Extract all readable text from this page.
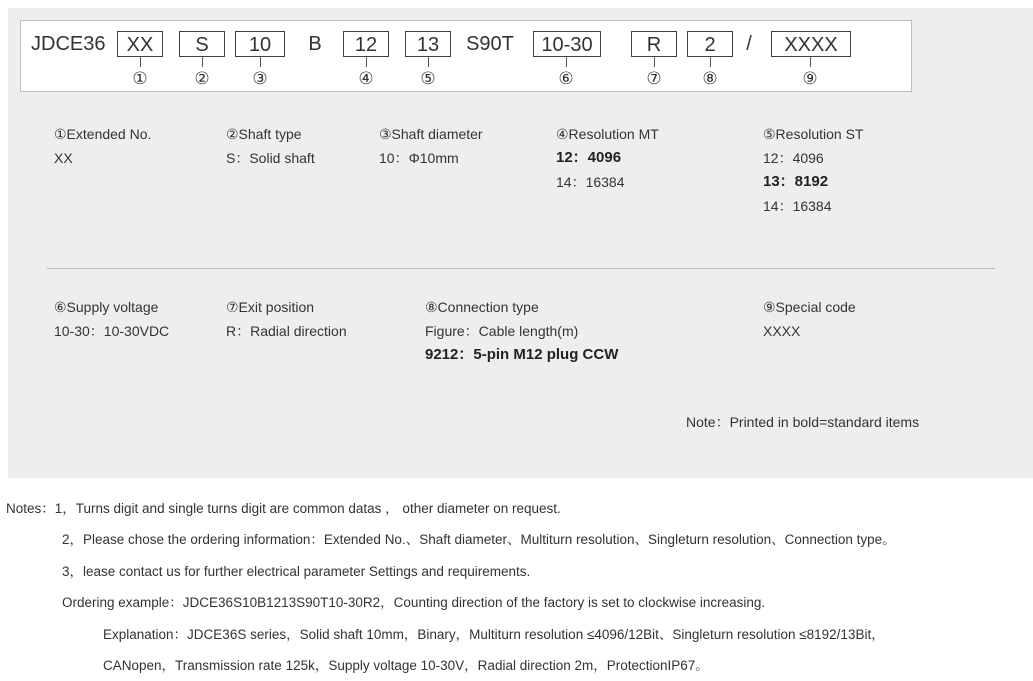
JDCE36	XX
①
S
②
10
③
B	12
④
13
⑤
S90T	10-30
⑥
R
⑦
2
⑧
/	XXXX
⑨
①Extended No.
XX
②Shaft type
S：Solid shaft
③Shaft diameter
10：Φ10mm
④Resolution MT
12：4096
14：16384
⑤Resolution ST
12：4096
13：8192
14：16384
⑥Supply voltage
10-30：10-30VDC
⑦Exit position
R：Radial direction
⑧Connection type
Figure：Cable length(m)
9212：5-pin M12 plug CCW
⑨Special code
XXXX
Note：Printed in bold=standard items
Notes：1，Turns digit and single turns digit are common datas ， other diameter on request.
2，Please chose the ordering information：Extended No.、Shaft diameter、Multiturn resolution、Singleturn resolution、Connection type。
3，lease contact us for further electrical parameter Settings and requirements.
Ordering example：JDCE36S10B1213S90T10-30R2，Counting direction of the factory is set to clockwise increasing.
Explanation：JDCE36S series，Solid shaft 10mm，Binary，Multiturn resolution ≤4096/12Bit、Singleturn resolution ≤8192/13Bit，
CANopen，Transmission rate 125k，Supply voltage 10-30V，Radial direction 2m，ProtectionIP67。
